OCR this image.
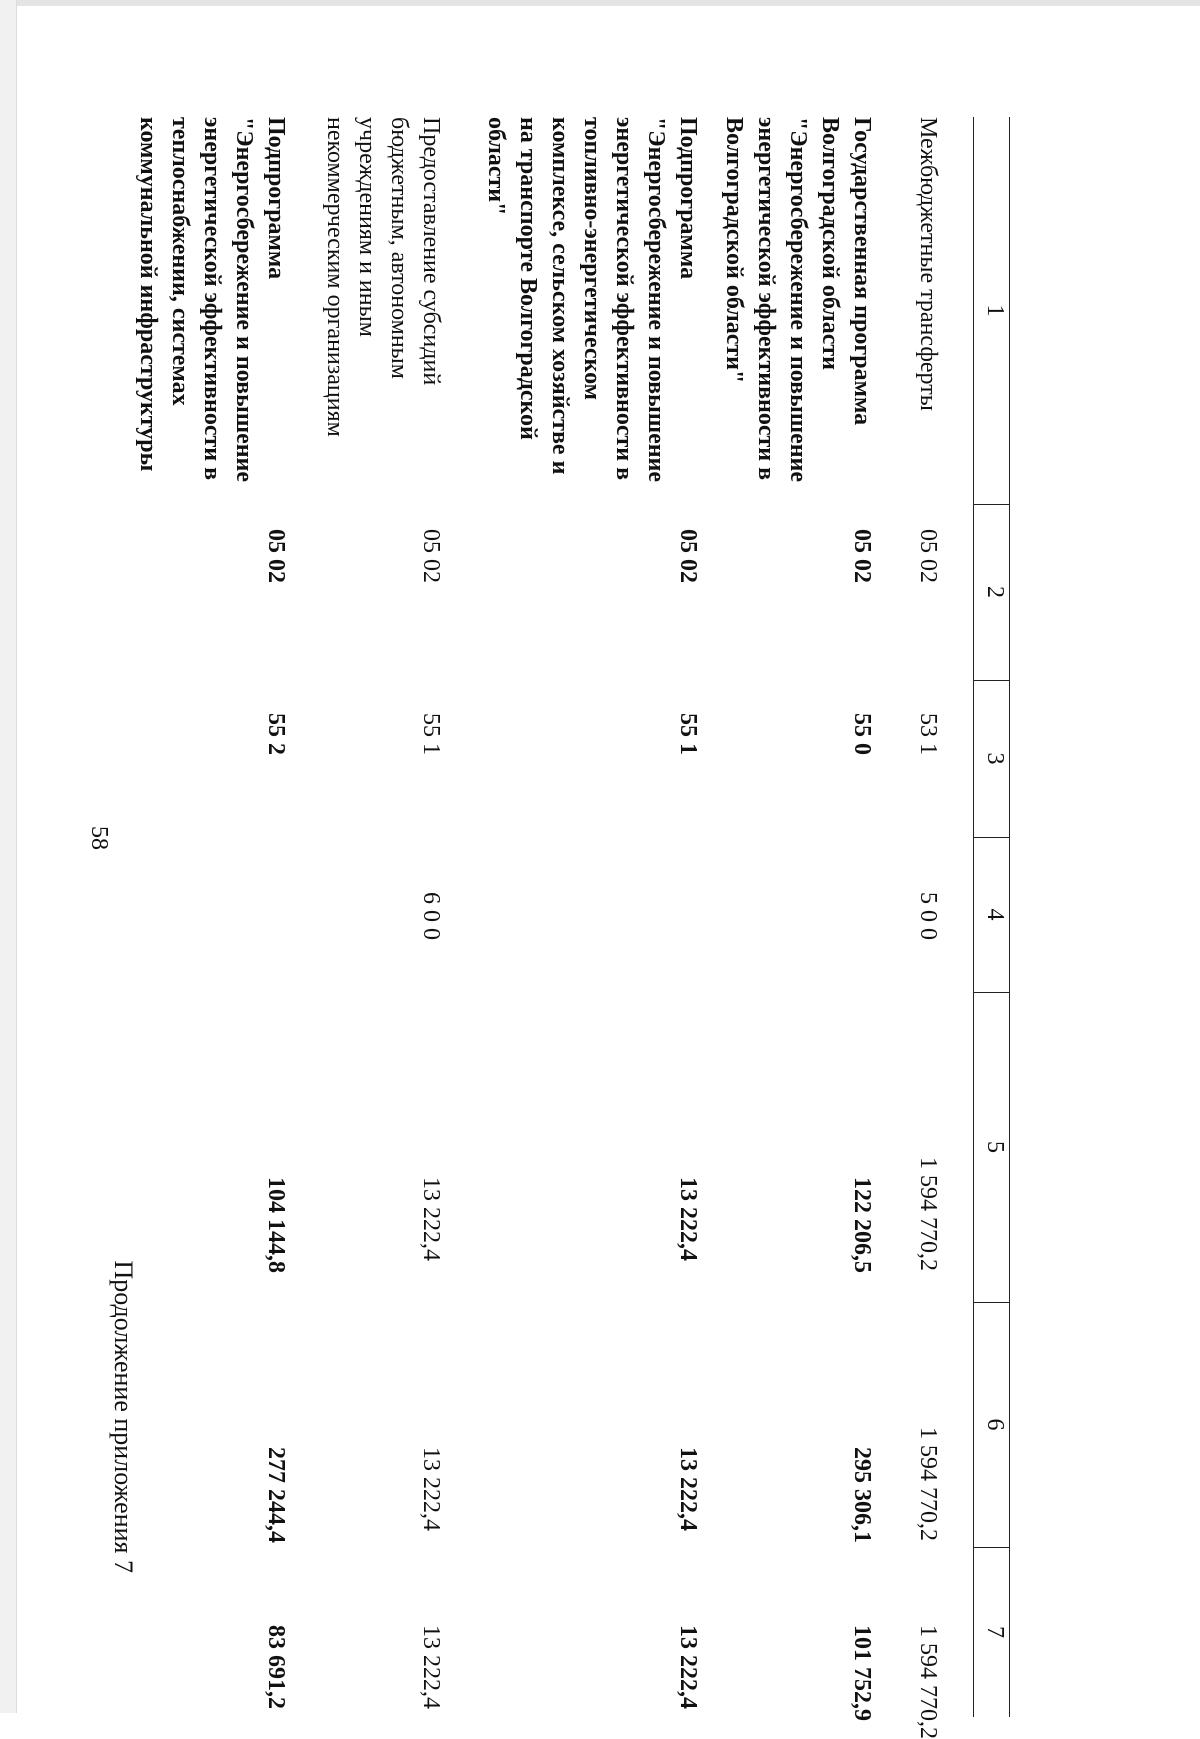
58
Продолжение приложения 7
1
2
3
4
5
6
7
Межбюджетные трансферты
05 02
53 1
5 0 0
1 594 770,2
1 594 770,2
1 594 770,2
Государственная программа Волгоградской области "Энергосбережение и повышение энергетической эффективности в Волгоградской области"
05 02
55 0
122 206,5
295 306,1
101 752,9
Подпрограмма "Энергосбережение и повышение энергетической эффективности в топливно-энергетическом комплексе, сельском хозяйстве и на транспорте Волгоградской области"
05 02
55 1
13 222,4
13 222,4
13 222,4
Предоставление субсидий бюджетным, автономным учреждениям и иным некоммерческим организациям
05 02
55 1
6 0 0
13 222,4
13 222,4
13 222,4
Подпрограмма "Энергосбережение и повышение энергетической эффективности в теплоснабжении, системах коммунальной инфраструктуры
05 02
55 2
104 144,8
277 244,4
83 691,2
